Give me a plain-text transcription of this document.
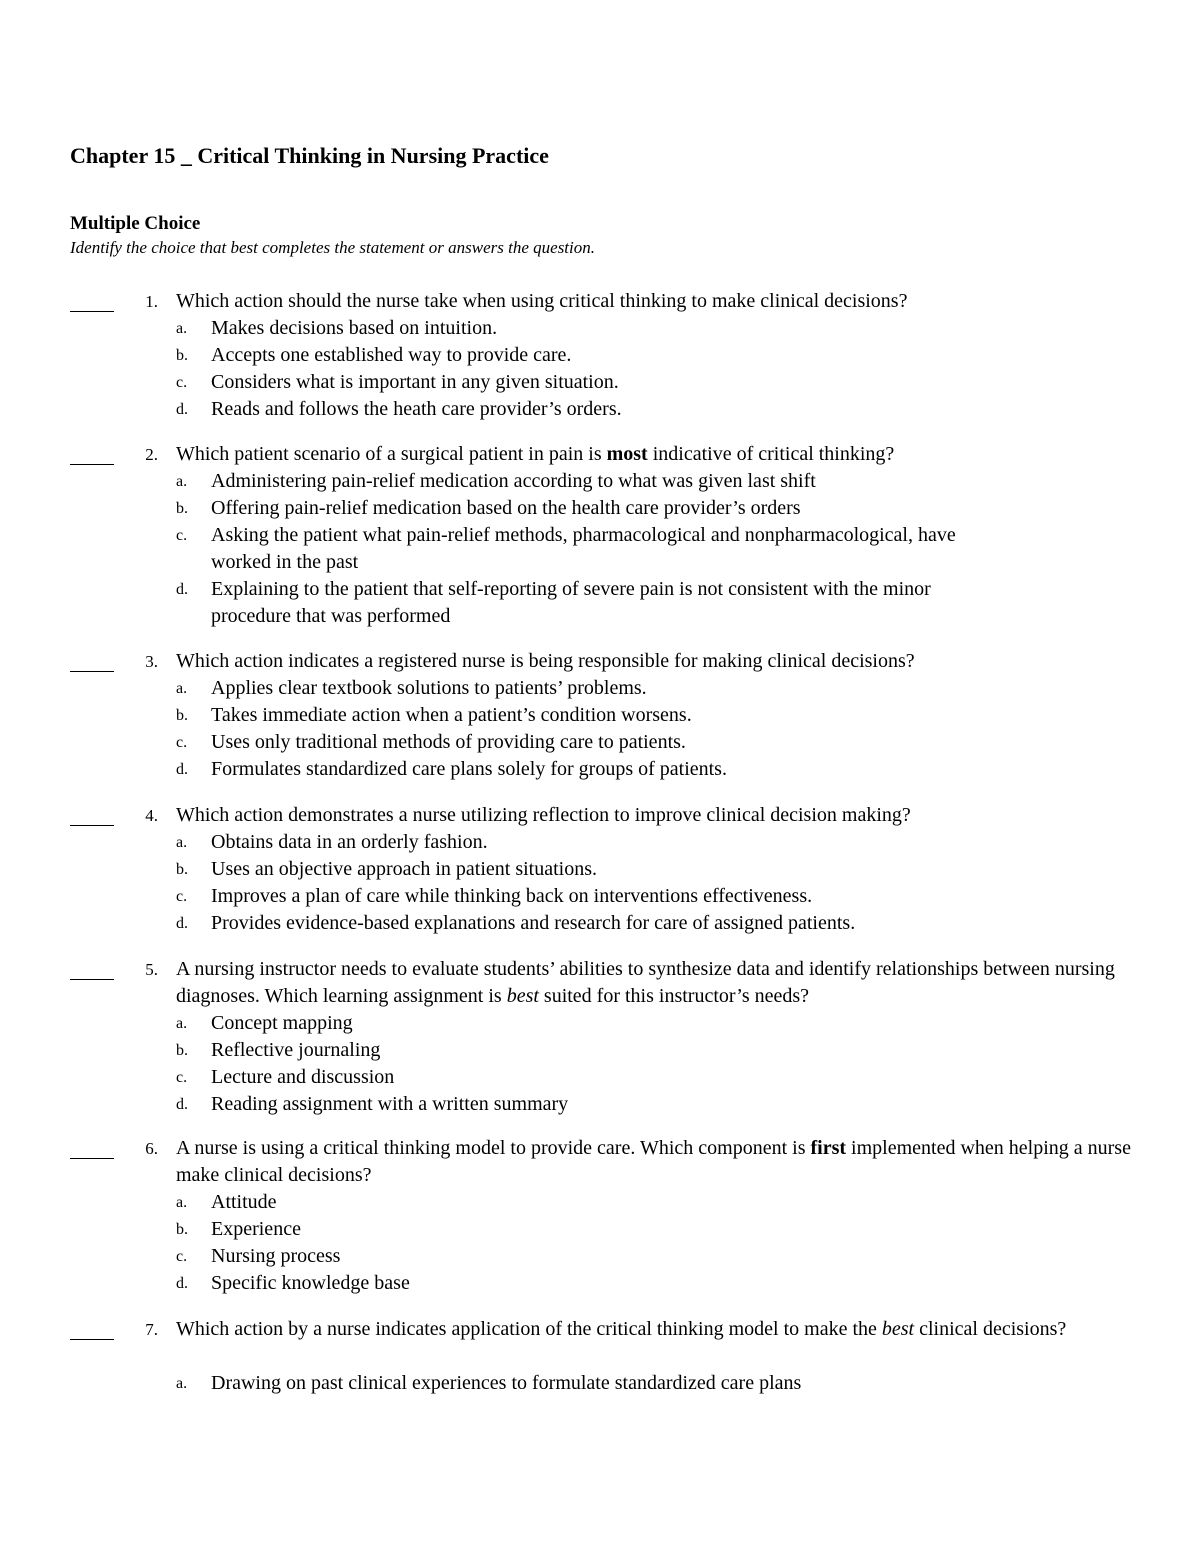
Chapter 15 _ Critical Thinking in Nursing Practice
Multiple Choice
Identify the choice that best completes the statement or answers the question.
1. Which action should the nurse take when using critical thinking to make clinical decisions?
a. Makes decisions based on intuition.
b. Accepts one established way to provide care.
c. Considers what is important in any given situation.
d. Reads and follows the heath care provider’s orders.
2. Which patient scenario of a surgical patient in pain is most indicative of critical thinking?
a. Administering pain-relief medication according to what was given last shift
b. Offering pain-relief medication based on the health care provider’s orders
c. Asking the patient what pain-relief methods, pharmacological and nonpharmacological, have worked in the past
d. Explaining to the patient that self-reporting of severe pain is not consistent with the minor procedure that was performed
3. Which action indicates a registered nurse is being responsible for making clinical decisions?
a. Applies clear textbook solutions to patients’ problems.
b. Takes immediate action when a patient’s condition worsens.
c. Uses only traditional methods of providing care to patients.
d. Formulates standardized care plans solely for groups of patients.
4. Which action demonstrates a nurse utilizing reflection to improve clinical decision making?
a. Obtains data in an orderly fashion.
b. Uses an objective approach in patient situations.
c. Improves a plan of care while thinking back on interventions effectiveness.
d. Provides evidence-based explanations and research for care of assigned patients.
5. A nursing instructor needs to evaluate students’ abilities to synthesize data and identify relationships between nursing diagnoses. Which learning assignment is best suited for this instructor’s needs?
a. Concept mapping
b. Reflective journaling
c. Lecture and discussion
d. Reading assignment with a written summary
6. A nurse is using a critical thinking model to provide care. Which component is first implemented when helping a nurse make clinical decisions?
a. Attitude
b. Experience
c. Nursing process
d. Specific knowledge base
7. Which action by a nurse indicates application of the critical thinking model to make the best clinical decisions?
a. Drawing on past clinical experiences to formulate standardized care plans
